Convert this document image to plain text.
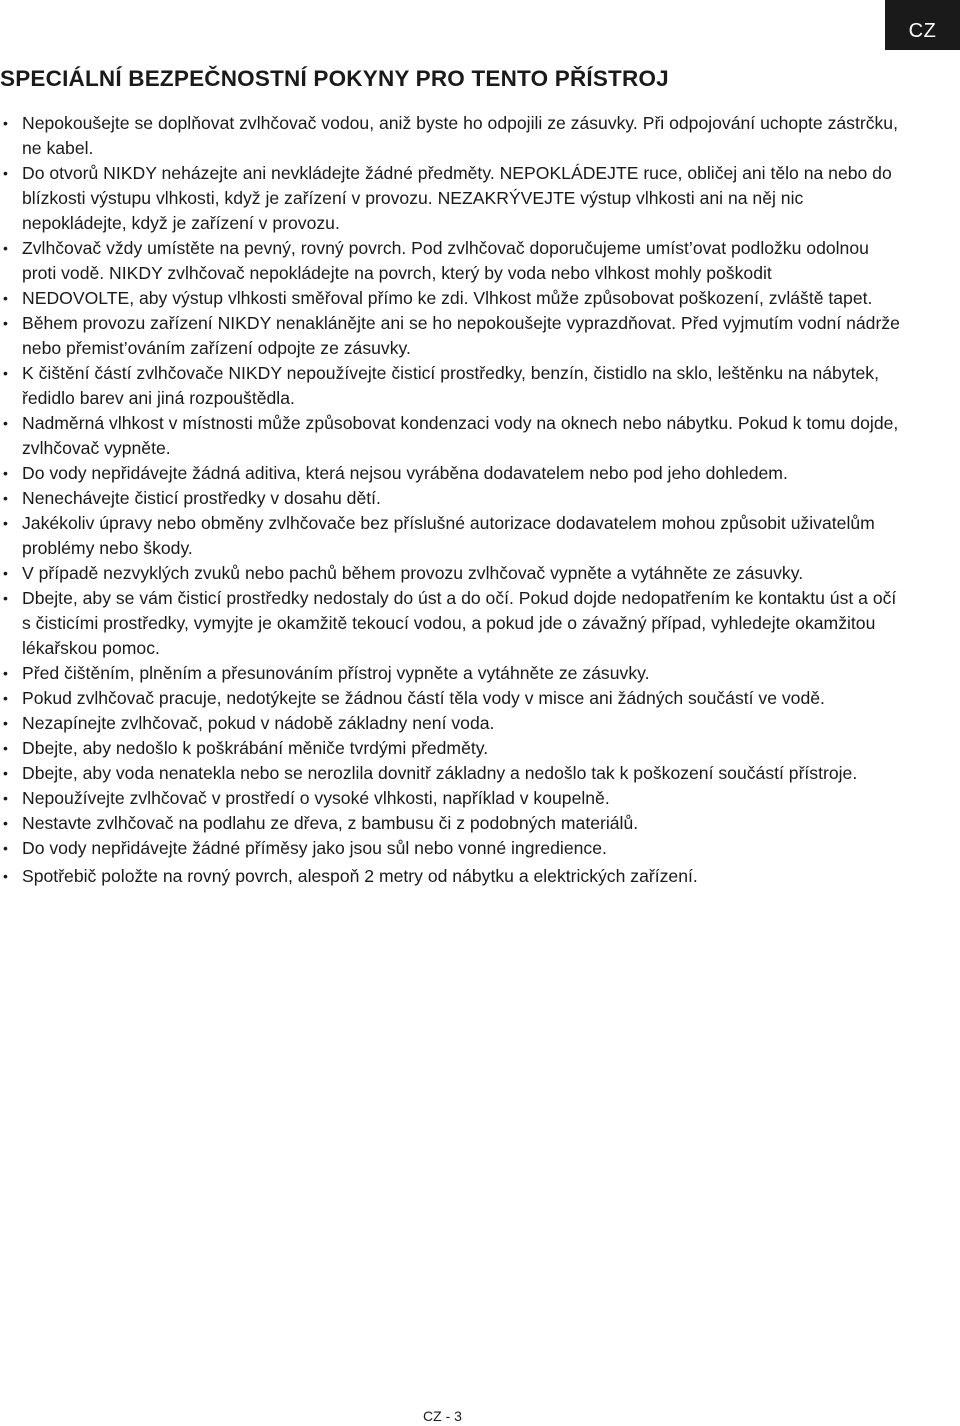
CZ
SPECIÁLNÍ BEZPEČNOSTNÍ POKYNY PRO TENTO PŘÍSTROJ
• Nepokoušejte se doplňovat zvlhčovač vodou, aniž byste ho odpojili ze zásuvky. Při odpojování uchopte zástrčku, ne kabel.
• Do otvorů NIKDY neházejte ani nevkládejte žádné předměty. NEPOKLÁDEJTE ruce, obličej ani tělo na nebo do blízkosti výstupu vlhkosti, když je zařízení v provozu. NEZAKRÝVEJTE výstup vlhkosti ani na něj nic nepokládejte, když je zařízení v provozu.
• Zvlhčovač vždy umístěte na pevný, rovný povrch. Pod zvlhčovač doporučujeme umíst’ovat podložku odolnou proti vodě. NIKDY zvlhčovač nepokládejte na povrch, který by voda nebo vlhkost mohly poškodit
• NEDOVOLTE, aby výstup vlhkosti směřoval přímo ke zdi. Vlhkost může způsobovat poškození, zvláště tapet.
• Během provozu zařízení NIKDY nenaklánějte ani se ho nepokoušejte vyprazdňovat. Před vyjmutím vodní nádrže nebo přemist’ováním zařízení odpojte ze zásuvky.
• K čištění částí zvlhčovače NIKDY nepoužívejte čisticí prostředky, benzín, čistidlo na sklo, leštěnku na nábytek, ředidlo barev ani jiná rozpouštědla.
• Nadměrná vlhkost v místnosti může způsobovat kondenzaci vody na oknech nebo nábytku. Pokud k tomu dojde, zvlhčovač vypněte.
• Do vody nepřidávejte žádná aditiva, která nejsou vyráběna dodavatelem nebo pod jeho dohledem.
• Nenechávejte čisticí prostředky v dosahu dětí.
• Jakékoliv úpravy nebo obměny zvlhčovače bez příslušné autorizace dodavatelem mohou způsobit uživatelům problémy nebo škody.
• V případě nezvyklých zvuků nebo pachů během provozu zvlhčovač vypněte a vytáhněte ze zásuvky.
• Dbejte, aby se vám čisticí prostředky nedostaly do úst a do očí. Pokud dojde nedopatřením ke kontaktu úst a očí s čisticími prostředky, vymyjte je okamžitě tekoucí vodou, a pokud jde o závažný případ, vyhledejte okamžitou lékařskou pomoc.
• Před čištěním, plněním a přesunováním přístroj vypněte a vytáhněte ze zásuvky.
• Pokud zvlhčovač pracuje, nedotýkejte se žádnou částí těla vody v misce ani žádných součástí ve vodě.
• Nezapínejte zvlhčovač, pokud v nádobě základny není voda.
• Dbejte, aby nedošlo k poškrábání měniče tvrdými předměty.
• Dbejte, aby voda nenatekla nebo se nerozlila dovnitř základny a nedošlo tak k poškození součástí přístroje.
• Nepoužívejte zvlhčovač v prostředí o vysoké vlhkosti, například v koupelně.
• Nestavte zvlhčovač na podlahu ze dřeva, z bambusu či z podobných materiálů.
• Do vody nepřidávejte žádné příměsy jako jsou sůl nebo vonné ingredience.
• Spotřebič položte na rovný povrch, alespoň 2 metry od nábytku a elektrických zařízení.
CZ - 3
